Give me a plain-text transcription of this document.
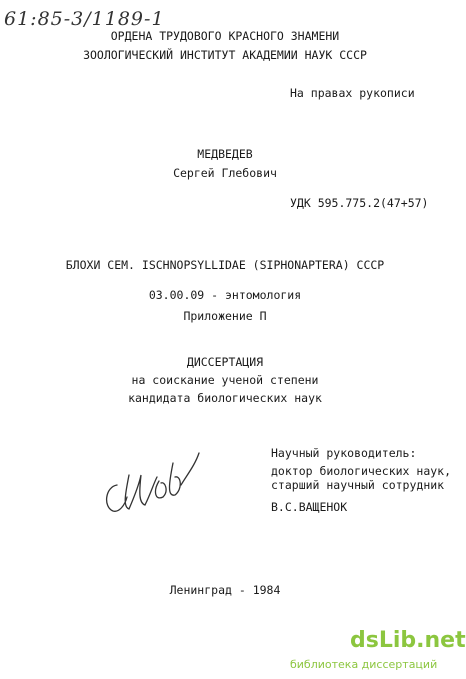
61:85-3/1189-1
ОРДЕНА ТРУДОВОГО КРАСНОГО ЗНАМЕНИ
ЗООЛОГИЧЕСКИЙ ИНСТИТУТ АКАДЕМИИ НАУК СССР
На правах рукописи
МЕДВЕДЕВ
Сергей Глебович
УДК 595.775.2(47+57)
БЛОХИ СЕМ. ISCHNOPSYLLIDAE (SIPHONAPTERA) СССР
03.00.09 - энтомология
Приложение П
ДИССЕРТАЦИЯ
на соискание ученой степени
кандидата биологических наук
Научный руководитель:
доктор биологических наук,
старший научный сотрудник
В.С.ВАЩЕНОК
Ленинград - 1984
dsLib.net
библиотека диссертаций
